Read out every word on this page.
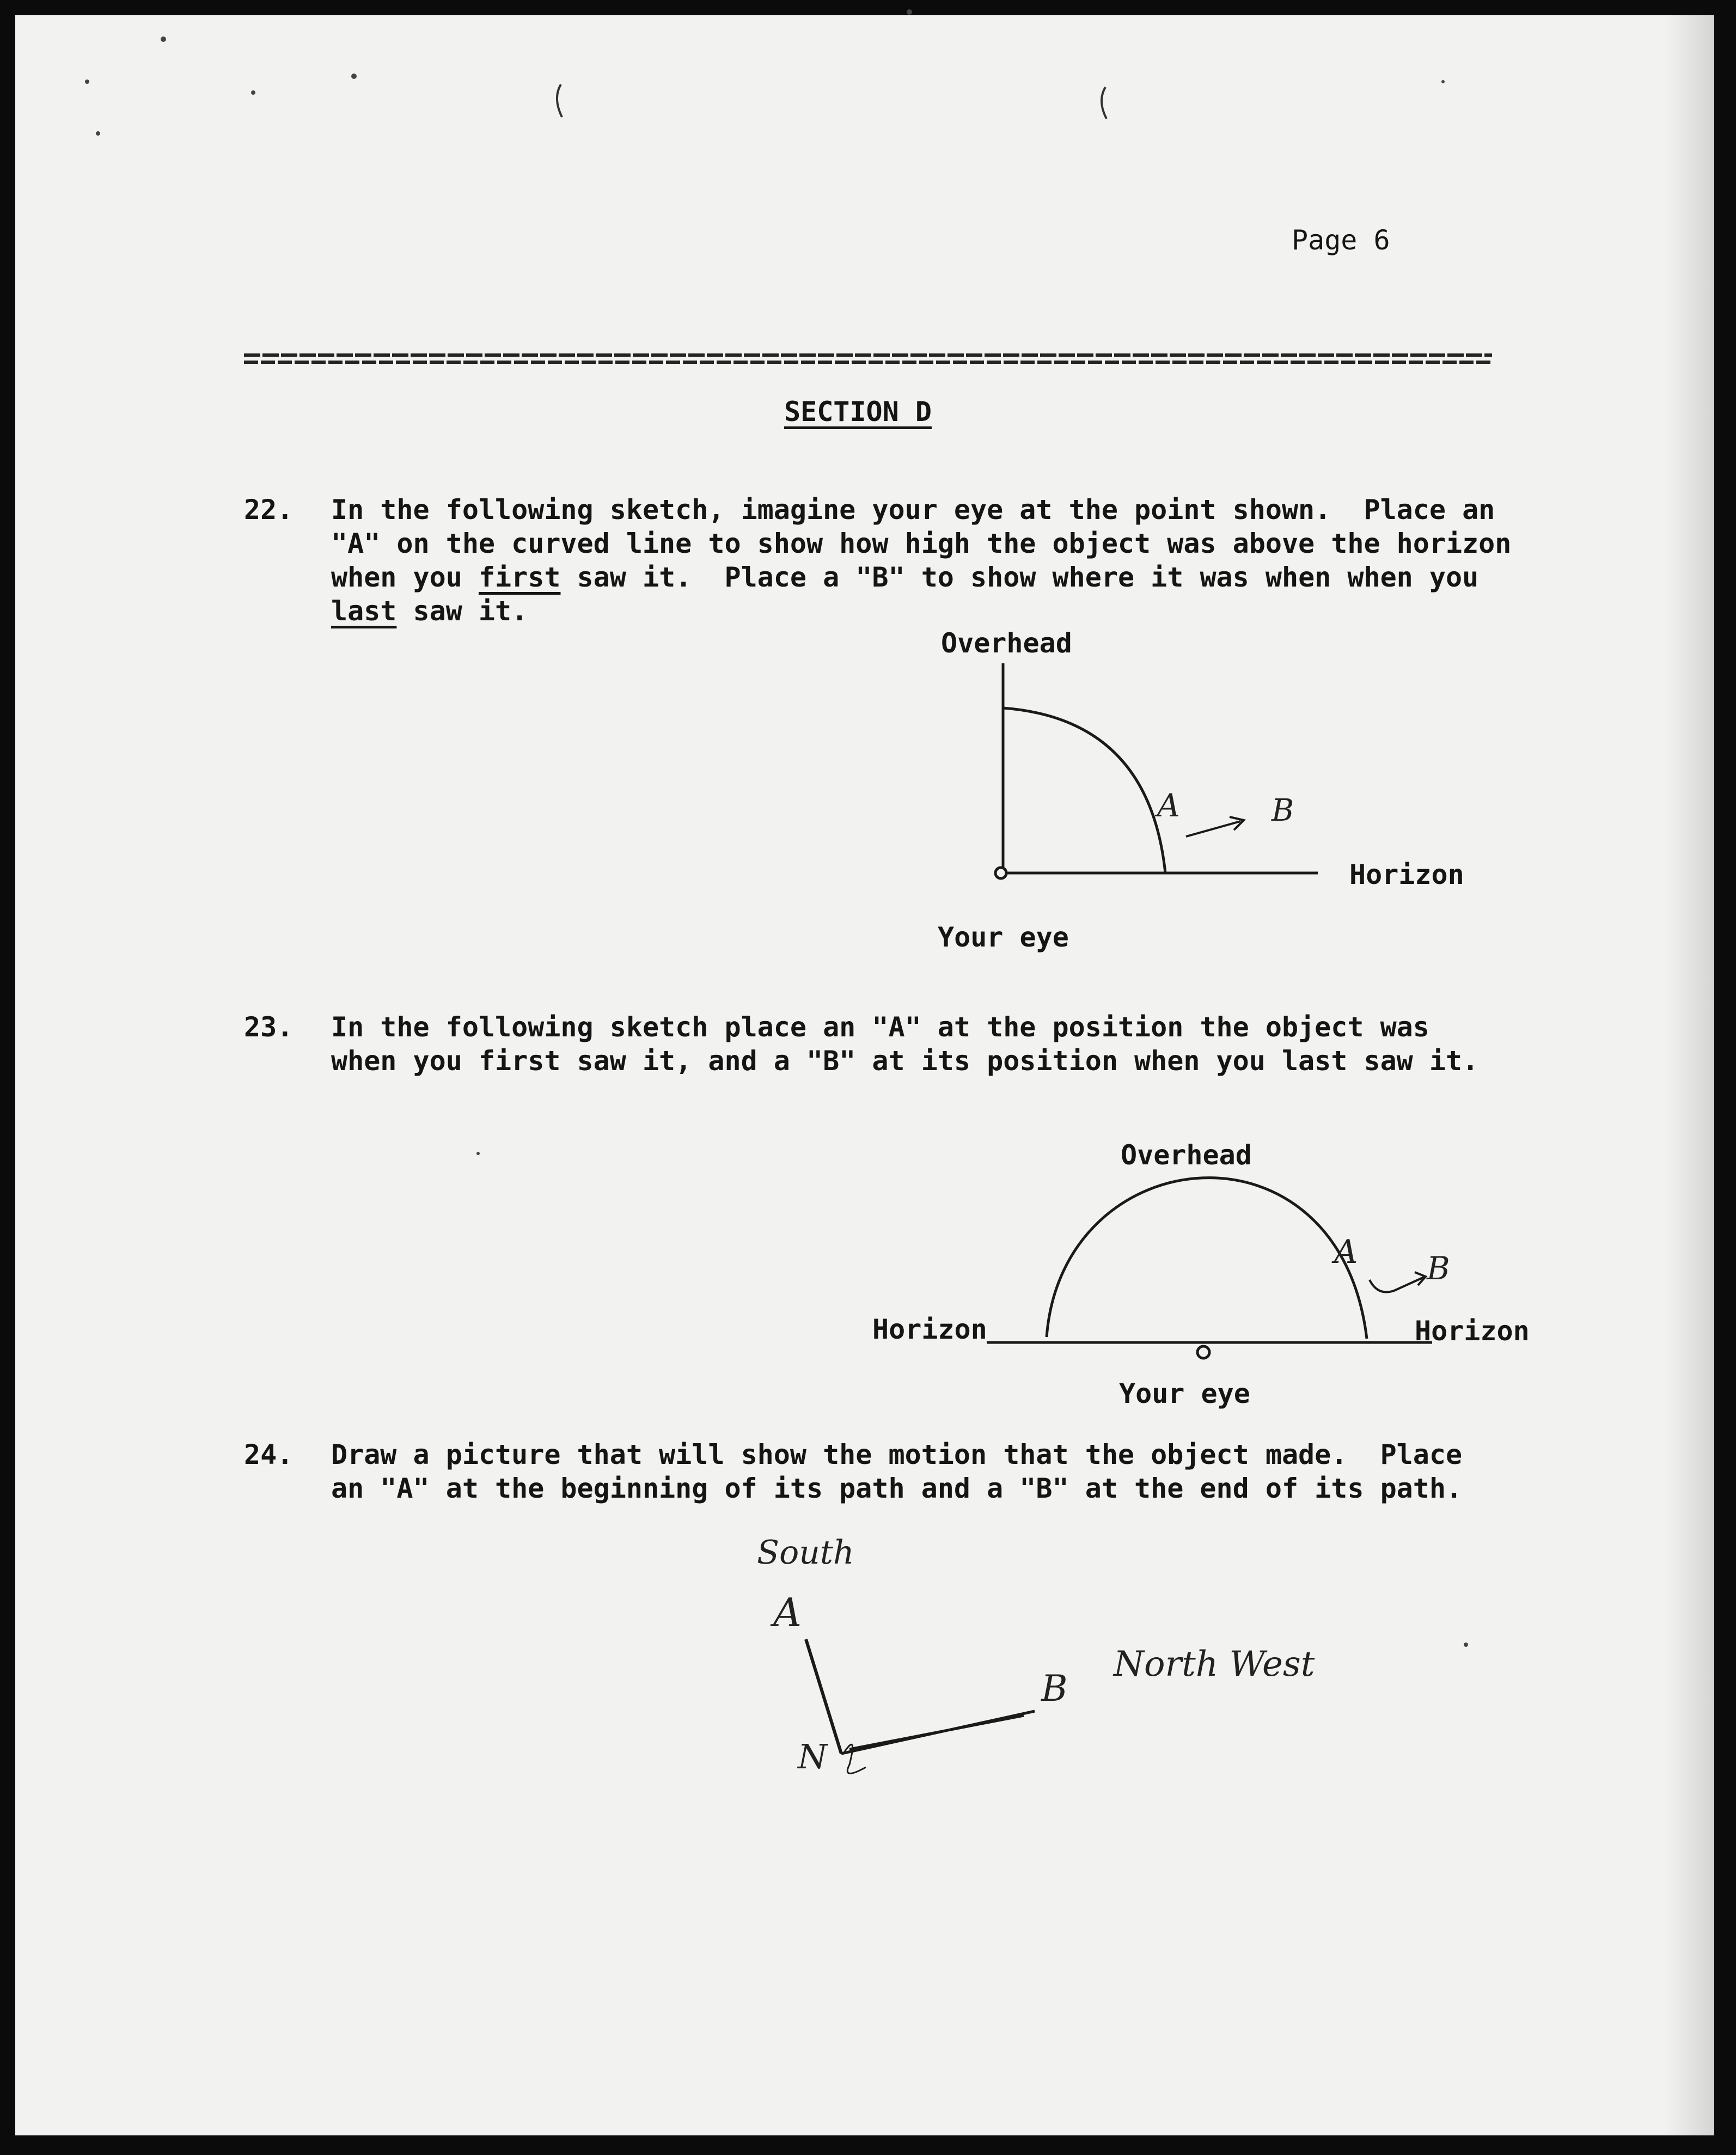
Page 6
SECTION D
22. In the following sketch, imagine your eye at the point shown.  Place an
"A" on the curved line to show how high the object was above the horizon
when you first saw it.  Place a "B" to show where it was when when you
last saw it.
Overhead
Horizon
Your eye
A	B
23. In the following sketch place an "A" at the position the object was
when you first saw it, and a "B" at its position when you last saw it.
Overhead
Horizon	Horizon
Your eye
A B
24. Draw a picture that will show the motion that the object made.  Place
an "A" at the beginning of its path and a "B" at the end of its path.
South
A
B
North West
N
